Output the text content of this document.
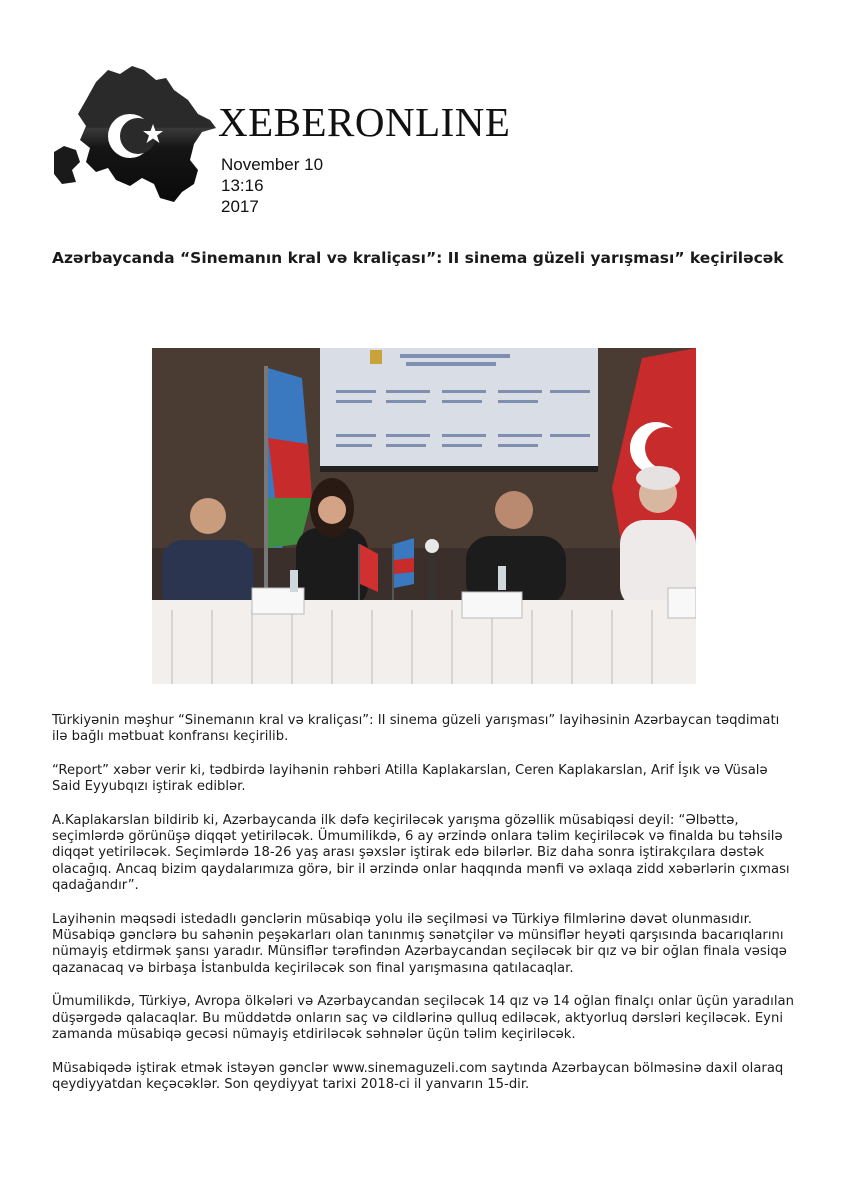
XEBERONLINE
November 10
13:16
2017
Azərbaycanda “Sinemanın kral və kraliçası”: II sinema güzeli yarışması” keçiriləcək

Türkiyənin məşhur “Sinemanın kral və kraliçası”: II sinema güzeli yarışması” layihəsinin Azərbaycan təqdimatı ilə bağlı mətbuat konfransı keçirilib.

“Report” xəbər verir ki, tədbirdə layihənin rəhbəri Atilla Kaplakarslan, Ceren Kaplakarslan, Arif İşık və Vüsalə Said Eyyubqızı iştirak ediblər.

A.Kaplakarslan bildirib ki, Azərbaycanda ilk dəfə keçiriləcək yarışma gözəllik müsabiqəsi deyil: “Əlbəttə, seçimlərdə görünüşə diqqət yetiriləcək. Ümumilikdə, 6 ay ərzində onlara təlim keçiriləcək və finalda bu təhsilə diqqət yetiriləcək. Seçimlərdə 18-26 yaş arası şəxslər iştirak edə bilərlər. Biz daha sonra iştirakçılara dəstək olacağıq. Ancaq bizim qaydalarımıza görə, bir il ərzində onlar haqqında mənfi və əxlaqa zidd xəbərlərin çıxması qadağandır”.

Layihənin məqsədi istedadlı gənclərin müsabiqə yolu ilə seçilməsi və Türkiyə filmlərinə dəvət olunmasıdır. Müsabiqə gənclərə bu sahənin peşəkarları olan tanınmış sənətçilər və münsiflər heyəti qarşısında bacarıqlarını nümayiş etdirmək şansı yaradır. Münsiflər tərəfindən Azərbaycandan seçiləcək bir qız və bir oğlan finala vəsiqə qazanacaq və birbaşa İstanbulda keçiriləcək son final yarışmasına qatılacaqlar.

Ümumilikdə, Türkiyə, Avropa ölkələri və Azərbaycandan seçiləcək 14 qız və 14 oğlan finalçı onlar üçün yaradılan düşərgədə qalacaqlar. Bu müddətdə onların saç və cildlərinə qulluq ediləcək, aktyorluq dərsləri keçiləcək. Eyni zamanda müsabiqə gecəsi nümayiş etdiriləcək səhnələr üçün təlim keçiriləcək.

Müsabiqədə iştirak etmək istəyən gənclər www.sinemaguzeli.com saytında Azərbaycan bölməsinə daxil olaraq qeydiyyatdan keçəcəklər. Son qeydiyyat tarixi 2018-ci il yanvarın 15-dir.
